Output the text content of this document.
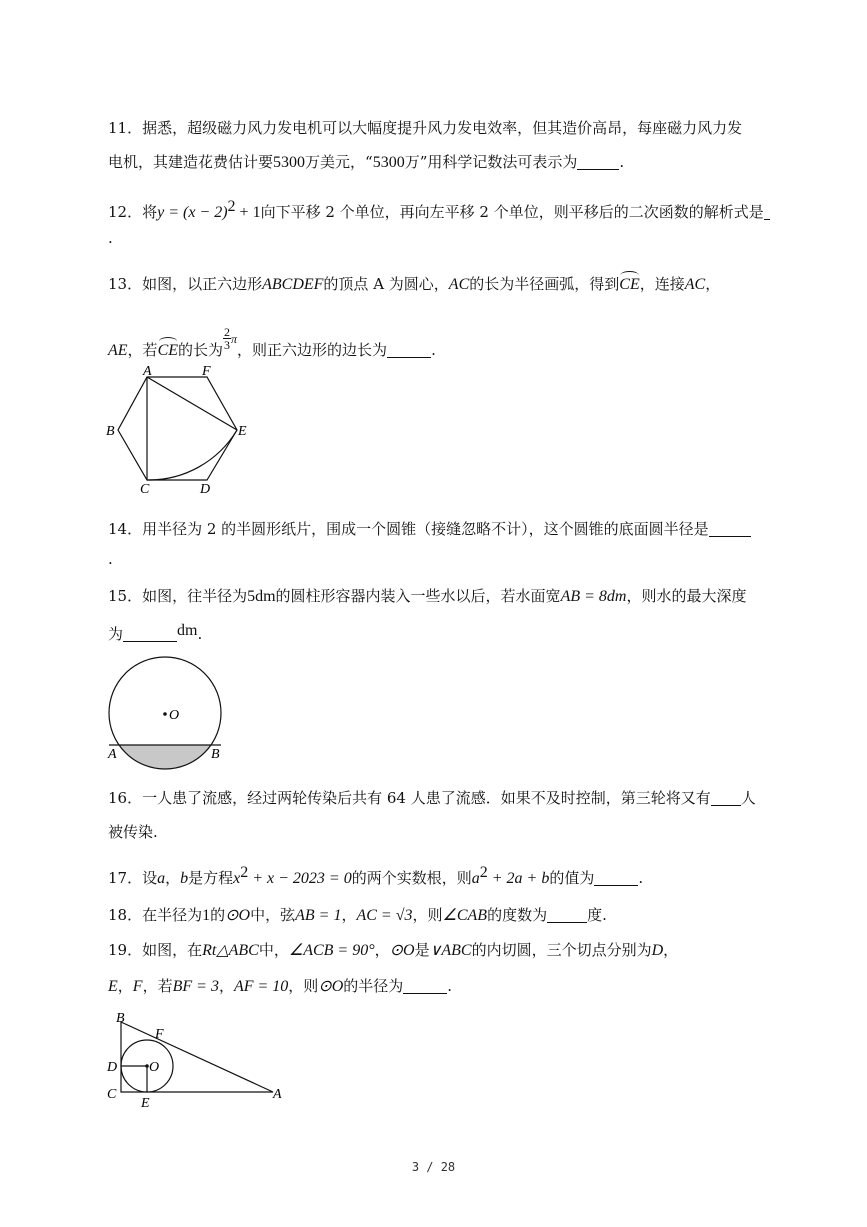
11．据悉，超级磁力风力发电机可以大幅度提升风力发电效率，但其造价高昂，每座磁力风力发
电机，其建造花费估计要5300万美元，“5300万”用科学记数法可表示为	.
12．将$y = (x - 2)^2 + 1$向下平移 2 个单位，再向左平移 2 个单位，则平移后的二次函数的解析式是
.
13．如图，以正六边形ABCDEF的顶点 A 为圆心，AC的长为半径画弧，得到CE，连接AC，
AE，若CE的长为 $\frac{2}{3} ^\pi$，则正六边形的边长为	.
A	F
B	E
C	D
14．用半径为 2 的半圆形纸片，围成一个圆锥（接缝忽略不计），这个圆锥的底面圆半径是
.
15．如图，往半径为5dm的圆柱形容器内装入一些水以后，若水面宽AB = 8dm，则水的最大深度
为	dm.
O
A	B
16．一人患了流感，经过两轮传染后共有 64 人患了流感．如果不及时控制，第三轮将又有 人
被传染.
17．设a，b是方程$x^2 + x - 2023 = 0$的两个实数根，则$a^2 + 2a + b$的值为	.
18．在半径为1的⊙O中，弦AB = 1，AC = √3，则∠CAB的度数为	度.
19．如图，在Rt△ABC中，∠ACB = 90°，⊙O是∨ABC的内切圆，三个切点分别为D，
E，F，若BF = 3，AF = 10，则⊙O的半径为	.
B
F
D O
C
E
A
3 / 28
